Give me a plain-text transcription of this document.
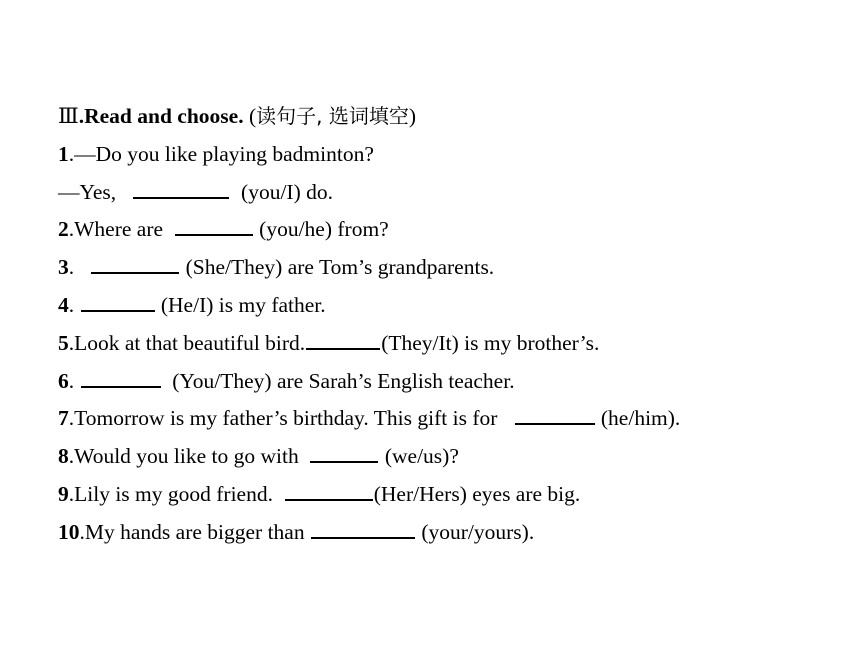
Ⅲ.Read and choose. (读句子, 选词填空)
1.—Do you like playing badminton?
—Yes,	(you/I) do.
2.Where are	(you/he) from?
3.	(She/They) are Tom’s grandparents.
4.	(He/I) is my father.
5.Look at that beautiful bird.	(They/It) is my brother’s.
6.	(You/They) are Sarah’s English teacher.
7.Tomorrow is my father’s birthday. This gift is for	(he/him).
8.Would you like to go with	(we/us)?
9.Lily is my good friend.	(Her/Hers) eyes are big.
10.My hands are bigger than	(your/yours).
